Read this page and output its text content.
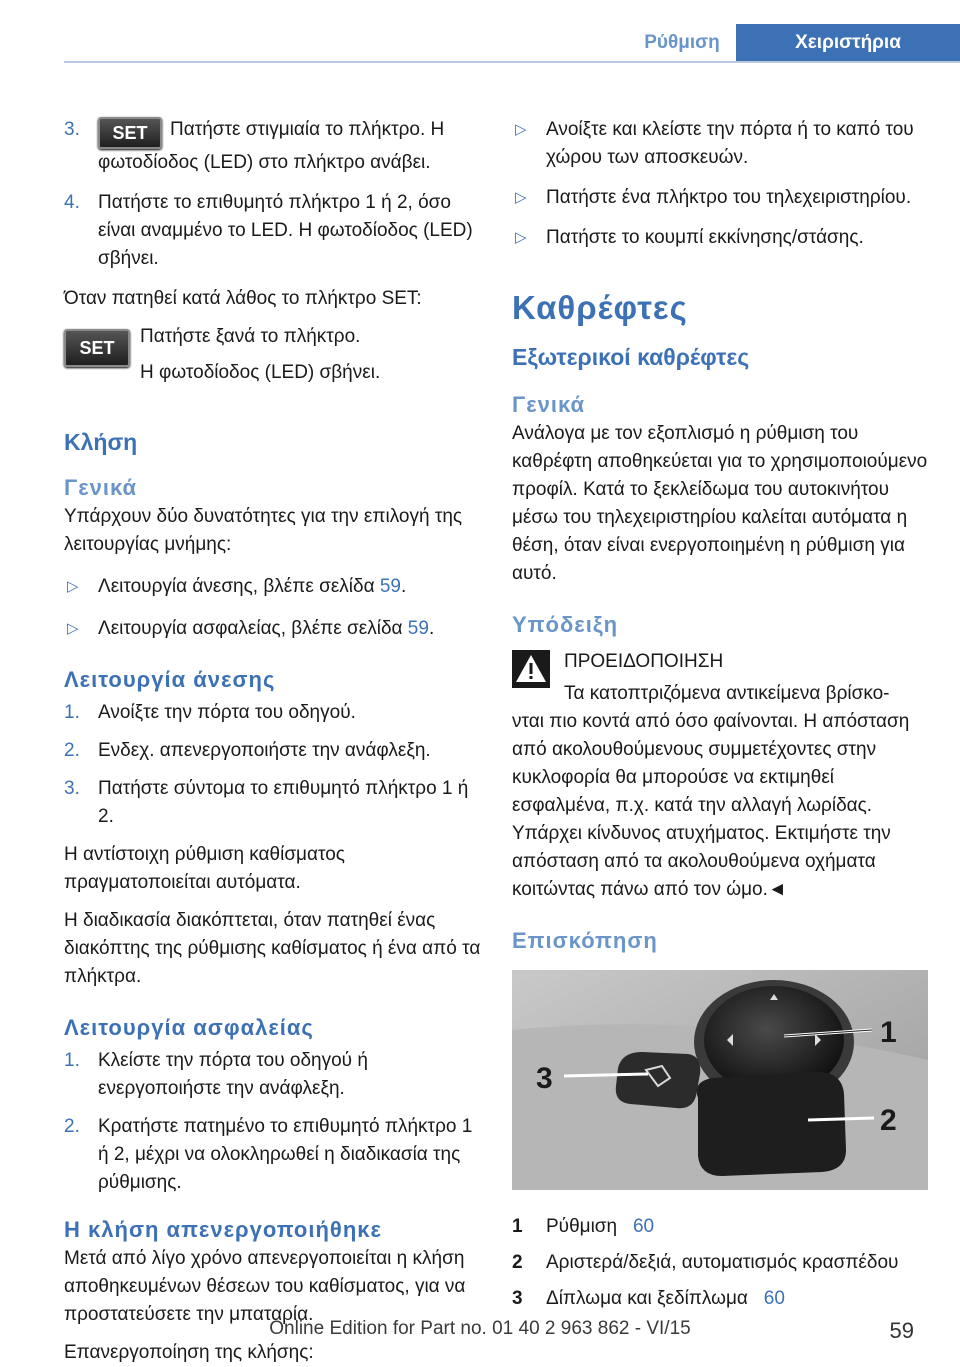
Ρύθμιση	Χειριστήρια
3. SET Πατήστε στιγμιαία το πλήκτρο. Η φωτοδίοδος (LED) στο πλήκτρο ανάβει.
4. Πατήστε το επιθυμητό πλήκτρο 1 ή 2, όσο είναι αναμμένο το LED. Η φωτοδίοδος (LED) σβήνει.

Όταν πατηθεί κατά λάθος το πλήκτρο SET:

SET

Πατήστε ξανά το πλήκτρο.

Η φωτοδίοδος (LED) σβήνει.

Κλήση
Γενικά

Υπάρχουν δύο δυνατότητες για την επιλογή της λειτουργίας μνήμης:

▷ Λειτουργία άνεσης, βλέπε σελίδα 59.
▷ Λειτουργία ασφαλείας, βλέπε σελίδα 59.
Λειτουργία άνεσης
1. Ανοίξτε την πόρτα του οδηγού.
2. Ενδεχ. απενεργοποιήστε την ανάφλεξη.
3. Πατήστε σύντομα το επιθυμητό πλήκτρο 1 ή 2.

Η αντίστοιχη ρύθμιση καθίσματος πραγματοποιείται αυτόματα.

Η διαδικασία διακόπτεται, όταν πατηθεί ένας διακόπτης της ρύθμισης καθίσματος ή ένα από τα πλήκτρα.

Λειτουργία ασφαλείας
1. Κλείστε την πόρτα του οδηγού ή ενεργοποιήστε την ανάφλεξη.
2. Κρατήστε πατημένο το επιθυμητό πλήκτρο 1 ή 2, μέχρι να ολοκληρωθεί η διαδικασία της ρύθμισης.
Η κλήση απενεργοποιήθηκε

Μετά από λίγο χρόνο απενεργοποιείται η κλήση αποθηκευμένων θέσεων του καθίσματος, για να προστατεύσετε την μπαταρία.

Επανεργοποίηση της κλήσης:

▷ Ανοίξτε και κλείστε την πόρτα ή το καπό του χώρου των αποσκευών.
▷ Πατήστε ένα πλήκτρο του τηλεχειριστηρίου.
▷ Πατήστε το κουμπί εκκίνησης/στάσης.
Καθρέφτες
Εξωτερικοί καθρέφτες
Γενικά

Ανάλογα με τον εξοπλισμό η ρύθμιση του καθρέφτη αποθηκεύεται για το χρησιμοποιούμενο προφίλ. Κατά το ξεκλείδωμα του αυτοκινήτου μέσω του τηλεχειριστηρίου καλείται αυτόματα η θέση, όταν είναι ενεργοποιημένη η ρύθμιση για αυτό.

Υπόδειξη

ΠΡΟΕΙΔΟΠΟΙΗΣΗ

Τα κατοπτριζόμενα αντικείμενα βρίσκο-

νται πιο κοντά από όσο φαίνονται. Η απόσταση από ακολουθούμενους συμμετέχοντες στην κυκλοφορία θα μπορούσε να εκτιμηθεί εσφαλμένα, π.χ. κατά την αλλαγή λωρίδας. Υπάρχει κίνδυνος ατυχήματος. Εκτιμήστε την απόσταση από τα ακολουθούμενα οχήματα κοιτώντας πάνω από τον ώμο.◄

Επισκόπηση
1
2
3
1 Ρύθμιση 60
2 Αριστερά/δεξιά, αυτοματισμός κρασπέδου
3 Δίπλωμα και ξεδίπλωμα 60
Online Edition for Part no. 01 40 2 963 862 - VI/15	59
